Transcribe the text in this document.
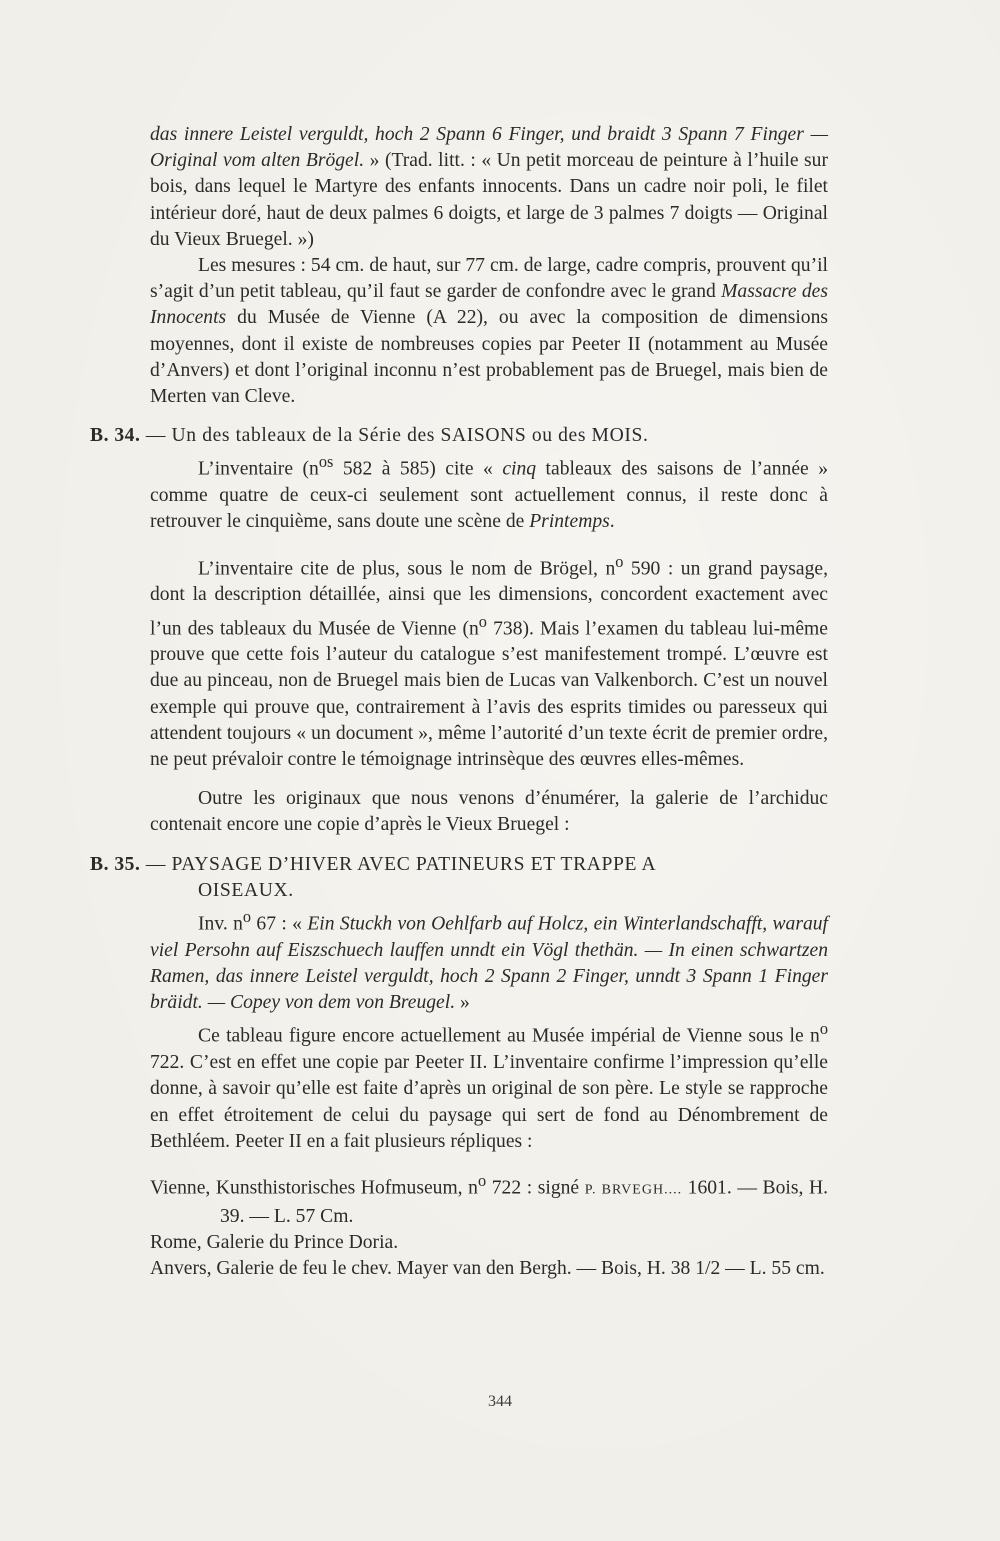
das innere Leistel verguldt, hoch 2 Spann 6 Finger, und braidt 3 Spann 7 Finger — Original vom alten Brögel. » (Trad. litt. : « Un petit morceau de peinture à l’huile sur bois, dans lequel le Martyre des enfants innocents. Dans un cadre noir poli, le filet intérieur doré, haut de deux palmes 6 doigts, et large de 3 palmes 7 doigts — Original du Vieux Bruegel. »)

Les mesures : 54 cm. de haut, sur 77 cm. de large, cadre compris, prouvent qu’il s’agit d’un petit tableau, qu’il faut se garder de confondre avec le grand Massacre des Innocents du Musée de Vienne (A 22), ou avec la composition de dimensions moyennes, dont il existe de nombreuses copies par Peeter II (notamment au Musée d’Anvers) et dont l’original inconnu n’est probablement pas de Bruegel, mais bien de Merten van Cleve.

B. 34. — Un des tableaux de la Série des SAISONS ou des MOIS.

L’inventaire ($n^{os}$ 582 à 585) cite « cinq tableaux des saisons de l’année » comme quatre de ceux-ci seulement sont actuellement connus, il reste donc à retrouver le cinquième, sans doute une scène de Printemps.

L’inventaire cite de plus, sous le nom de Brögel, $n^o$ 590 : un grand paysage, dont la description détaillée, ainsi que les dimensions, concordent exactement avec l’un des tableaux du Musée de Vienne ($n^o$ 738). Mais l’examen du tableau lui-même prouve que cette fois l’auteur du catalogue s’est manifestement trompé. L’œuvre est due au pinceau, non de Bruegel mais bien de Lucas van Valkenborch. C’est un nouvel exemple qui prouve que, contrairement à l’avis des esprits timides ou paresseux qui attendent toujours « un document », même l’autorité d’un texte écrit de premier ordre, ne peut prévaloir contre le témoignage intrinsèque des œuvres elles-mêmes.

Outre les originaux que nous venons d’énumérer, la galerie de l’archiduc contenait encore une copie d’après le Vieux Bruegel :

B. 35. — PAYSAGE D’HIVER AVEC PATINEURS ET TRAPPE A

OISEAUX.

Inv. $n^o$ 67 : « Ein Stuckh von Oehlfarb auf Holcz, ein Winterlandschafft, warauf viel Persohn auf Eiszschuech lauffen unndt ein Vögl thethän. — In einen schwartzen Ramen, das innere Leistel verguldt, hoch 2 Spann 2 Finger, unndt 3 Spann 1 Finger bräidt. — Copey von dem von Breugel. »

Ce tableau figure encore actuellement au Musée impérial de Vienne sous le $n^o$ 722. C’est en effet une copie par Peeter II. L’inventaire confirme l’impression qu’elle donne, à savoir qu’elle est faite d’après un original de son père. Le style se rapproche en effet étroitement de celui du paysage qui sert de fond au Dénombrement de Bethléem. Peeter II en a fait plusieurs répliques :

Vienne, Kunsthistorisches Hofmuseum, $n^o$ 722 : signé P. BRVEGH.... 1601. — Bois, H. 39. — L. 57 Cm.

Rome, Galerie du Prince Doria.

Anvers, Galerie de feu le chev. Mayer van den Bergh. — Bois, H. 38 1/2 — L. 55 cm.

344
